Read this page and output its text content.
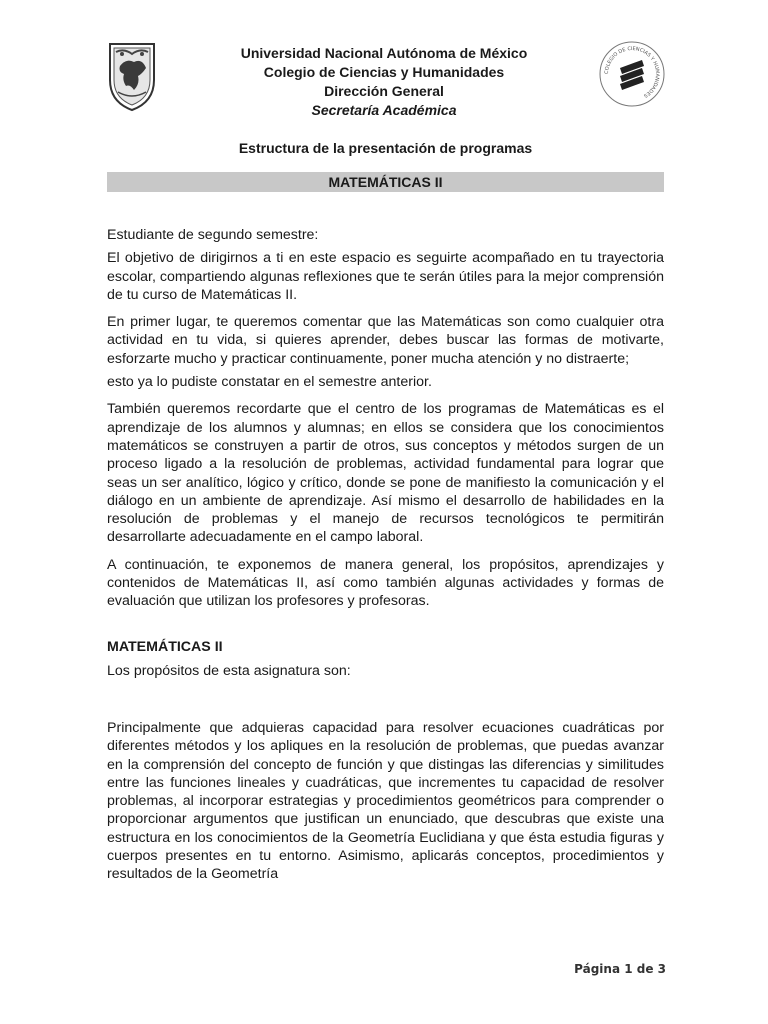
Universidad Nacional Autónoma de México
Colegio de Ciencias y Humanidades
Dirección General
Secretaría Académica
COLEGIO DE CIENCIAS Y HUMANIDADES
Estructura de la presentación de programas
MATEMÁTICAS II

Estudiante de segundo semestre:

El objetivo de dirigirnos a ti en este espacio es seguirte acompañado en tu trayectoria escolar, compartiendo algunas reflexiones que te serán útiles para la mejor comprensión de tu curso de Matemáticas II.

En primer lugar, te queremos comentar que las Matemáticas son como cualquier otra actividad en tu vida, si quieres aprender, debes buscar las formas de motivarte, esforzarte mucho y practicar continuamente, poner mucha atención y no distraerte;

esto ya lo pudiste constatar en el semestre anterior.

También queremos recordarte que el centro de los programas de Matemáticas es el aprendizaje de los alumnos y alumnas; en ellos se considera que los conocimientos matemáticos se construyen a partir de otros, sus conceptos y métodos surgen de un proceso ligado a la resolución de problemas, actividad fundamental para lograr que seas un ser analítico, lógico y crítico, donde se pone de manifiesto la comunicación y el diálogo en un ambiente de aprendizaje. Así mismo el desarrollo de habilidades en la resolución de problemas y el manejo de recursos tecnológicos te permitirán desarrollarte adecuadamente en el campo laboral.

A continuación, te exponemos de manera general, los propósitos, aprendizajes y contenidos de Matemáticas II, así como también algunas actividades y formas de evaluación que utilizan los profesores y profesoras.

MATEMÁTICAS II

Los propósitos de esta asignatura son:

Principalmente que adquieras capacidad para resolver ecuaciones cuadráticas por diferentes métodos y los apliques en la resolución de problemas, que puedas avanzar en la comprensión del concepto de función y que distingas las diferencias y similitudes entre las funciones lineales y cuadráticas, que incrementes tu capacidad de resolver problemas, al incorporar estrategias y procedimientos geométricos para comprender o proporcionar argumentos que justifican un enunciado, que descubras que existe una estructura en los conocimientos de la Geometría Euclidiana y que ésta estudia figuras y cuerpos presentes en tu entorno. Asimismo, aplicarás conceptos, procedimientos y resultados de la Geometría

Página 1 de 3
